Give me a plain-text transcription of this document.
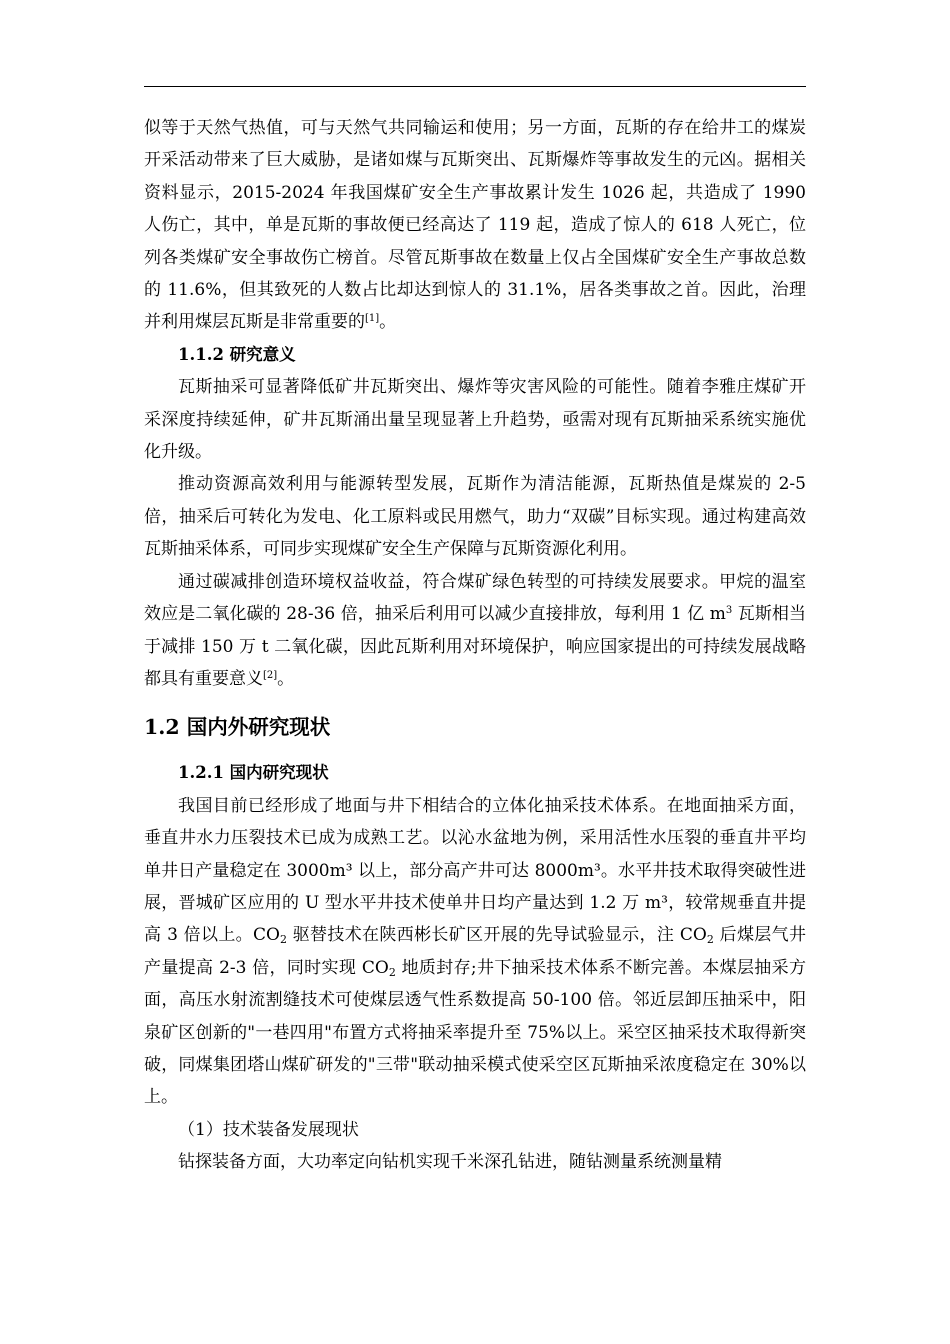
似等于天然气热值，可与天然气共同输运和使用；另一方面，瓦斯的存在给井工的煤炭开采活动带来了巨大威胁，是诸如煤与瓦斯突出、瓦斯爆炸等事故发生的元凶。据相关资料显示，2015-2024 年我国煤矿安全生产事故累计发生 1026 起，共造成了 1990 人伤亡，其中，单是瓦斯的事故便已经高达了 119 起，造成了惊人的 618 人死亡，位列各类煤矿安全事故伤亡榜首。尽管瓦斯事故在数量上仅占全国煤矿安全生产事故总数的 11.6%，但其致死的人数占比却达到惊人的 31.1%，居各类事故之首。因此，治理并利用煤层瓦斯是非常重要的[1]。

1.1.2 研究意义

瓦斯抽采可显著降低矿井瓦斯突出、爆炸等灾害风险的可能性。随着李雅庄煤矿开采深度持续延伸，矿井瓦斯涌出量呈现显著上升趋势，亟需对现有瓦斯抽采系统实施优化升级。

推动资源高效利用与能源转型发展，瓦斯作为清洁能源，瓦斯热值是煤炭的 2-5 倍，抽采后可转化为发电、化工原料或民用燃气，助力“双碳”目标实现。通过构建高效瓦斯抽采体系，可同步实现煤矿安全生产保障与瓦斯资源化利用。

通过碳减排创造环境权益收益，符合煤矿绿色转型的可持续发展要求。甲烷的温室效应是二氧化碳的 28-36 倍，抽采后利用可以减少直接排放，每利用 1 亿 $m^3$ 瓦斯相当于减排 150 万 t 二氧化碳，因此瓦斯利用对环境保护，响应国家提出的可持续发展战略都具有重要意义[2]。

1.2 国内外研究现状

1.2.1 国内研究现状

我国目前已经形成了地面与井下相结合的立体化抽采技术体系。在地面抽采方面，垂直井水力压裂技术已成为成熟工艺。以沁水盆地为例，采用活性水压裂的垂直井平均单井日产量稳定在 3000m³ 以上，部分高产井可达 8000m³。水平井技术取得突破性进展，晋城矿区应用的 U 型水平井技术使单井日均产量达到 1.2 万 m³，较常规垂直井提高 3 倍以上。$CO_2$ 驱替技术在陕西彬长矿区开展的先导试验显示，注 $CO_2$ 后煤层气井产量提高 2-3 倍，同时实现 $CO_2$ 地质封存;井下抽采技术体系不断完善。本煤层抽采方面，高压水射流割缝技术可使煤层透气性系数提高 50-100 倍。邻近层卸压抽采中，阳泉矿区创新的"一巷四用"布置方式将抽采率提升至 75%以上。采空区抽采技术取得新突破，同煤集团塔山煤矿研发的"三带"联动抽采模式使采空区瓦斯抽采浓度稳定在 30%以上。

（1）技术装备发展现状

钻探装备方面，大功率定向钻机实现千米深孔钻进，随钻测量系统测量精
